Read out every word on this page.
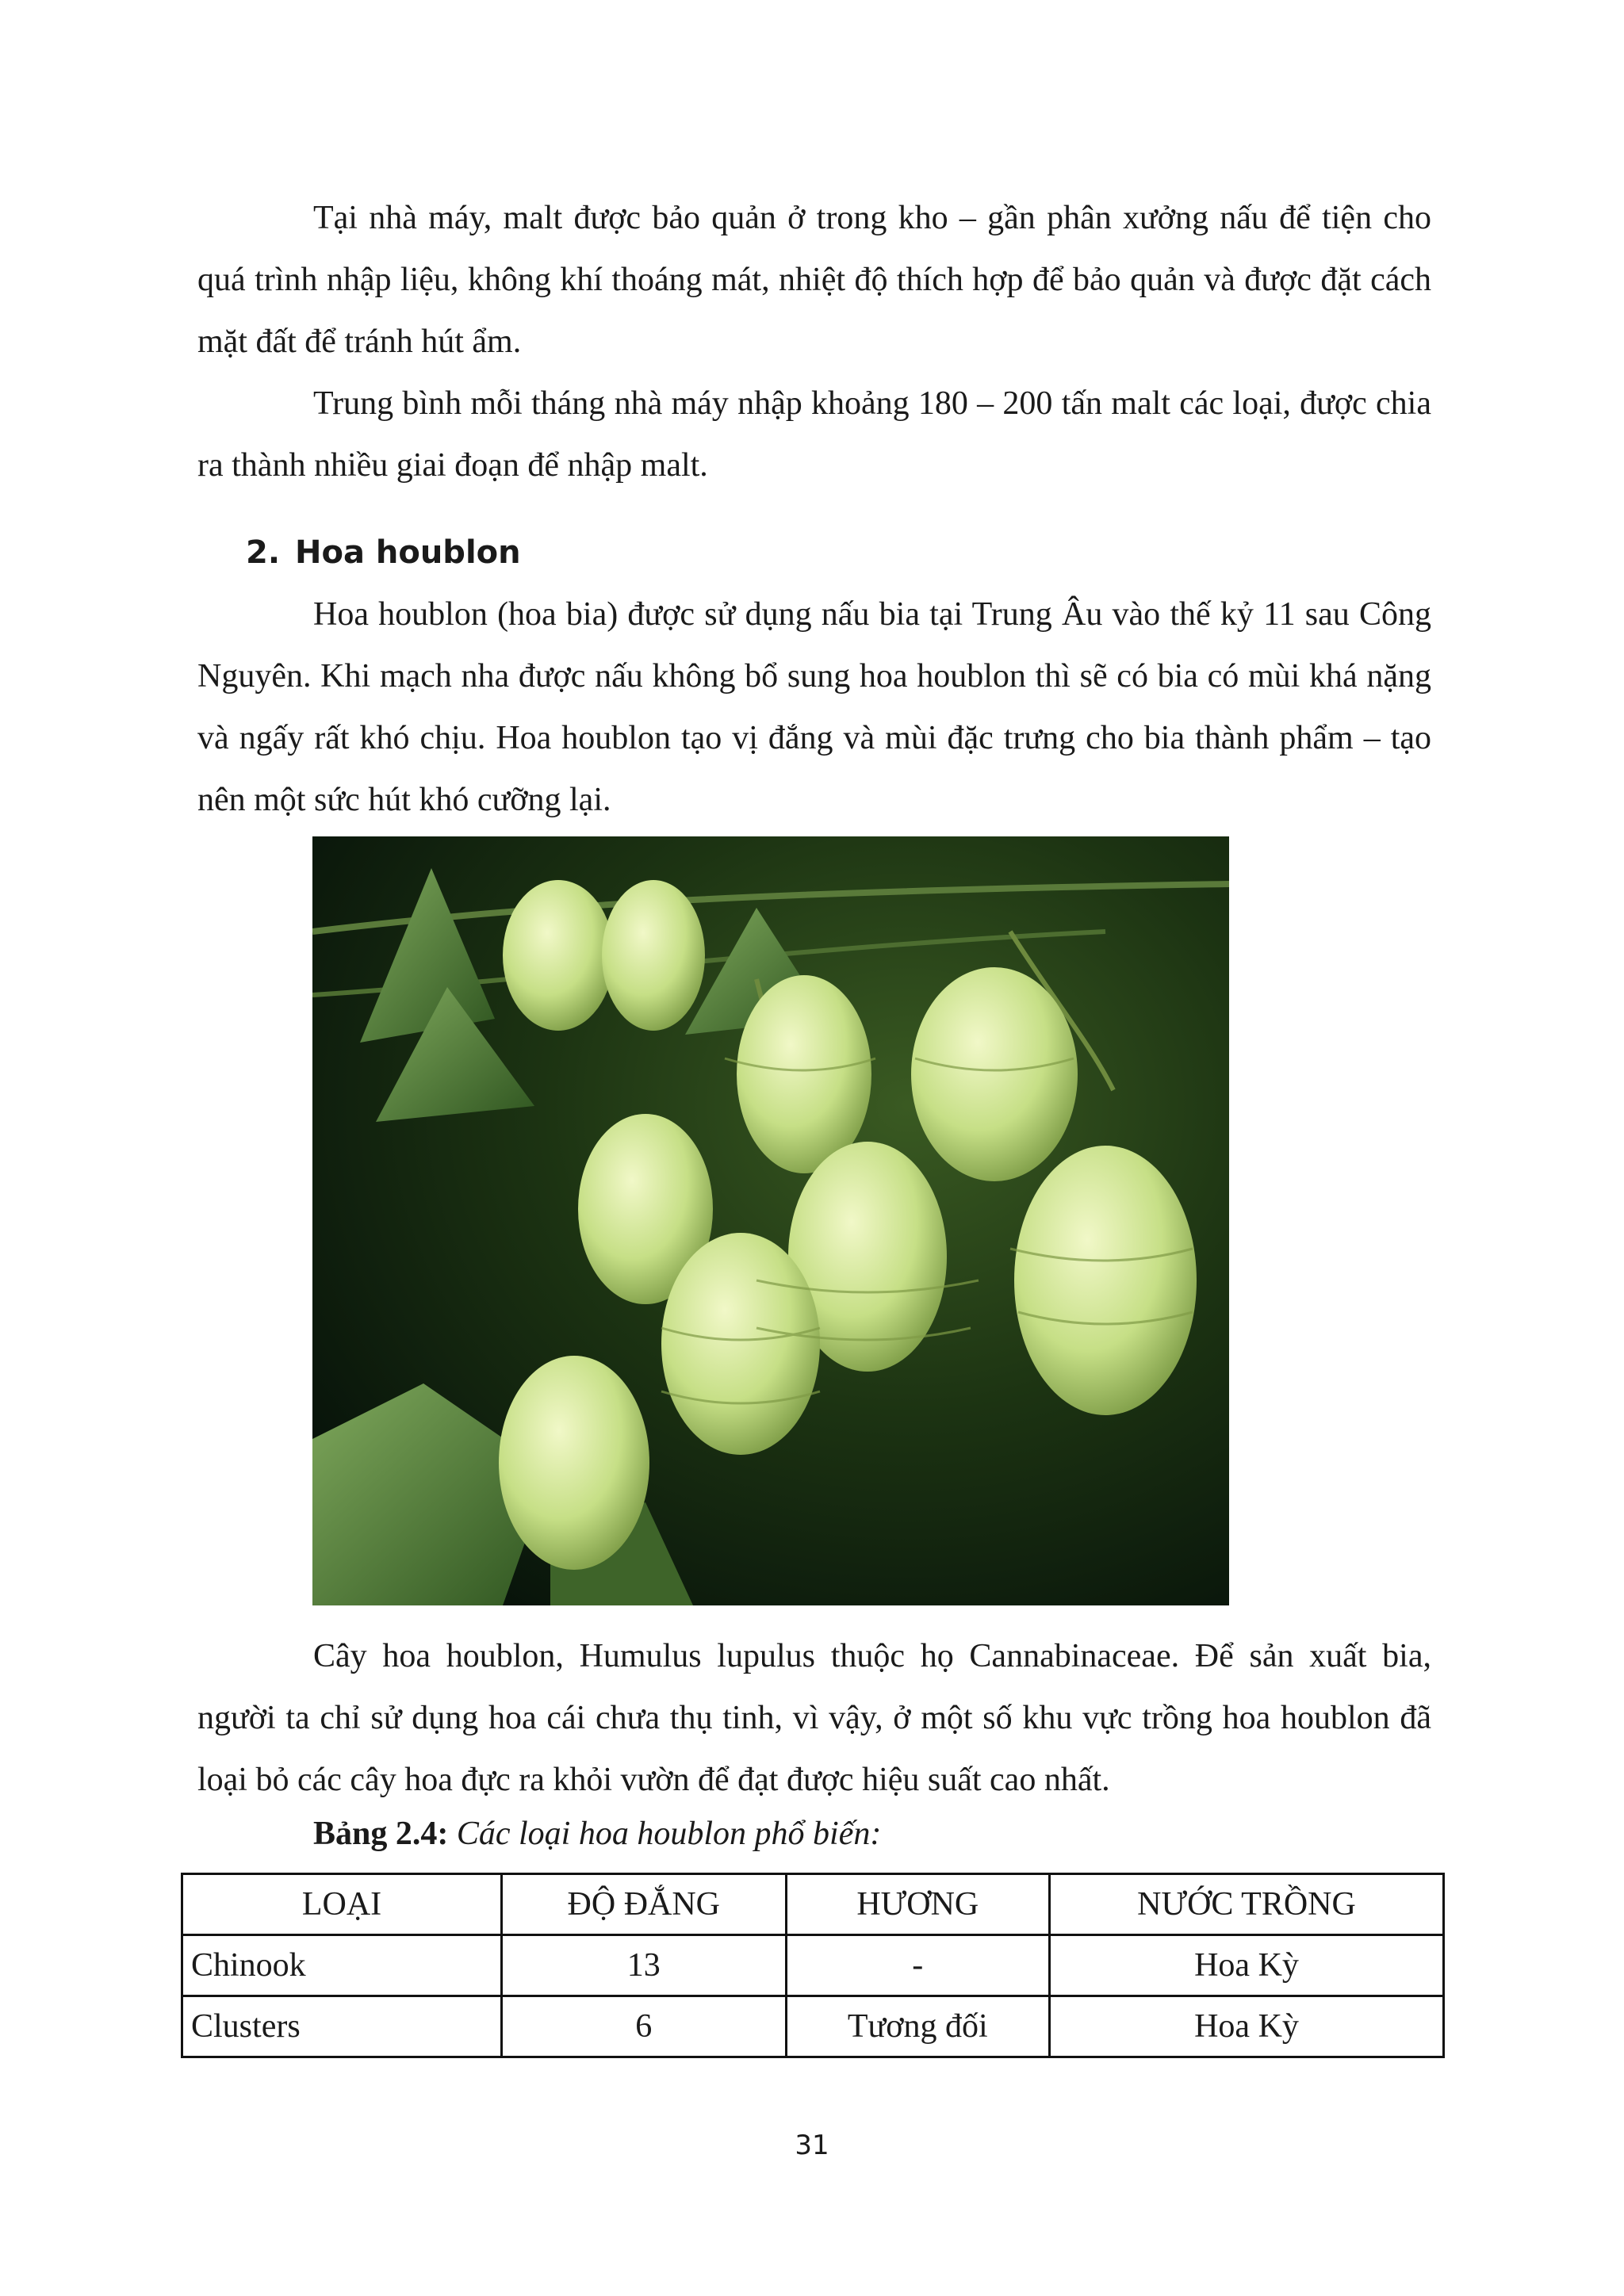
Tại nhà máy, malt được bảo quản ở trong kho – gần phân xưởng nấu để tiện cho quá trình nhập liệu, không khí thoáng mát, nhiệt độ thích hợp để bảo quản và được đặt cách mặt đất để tránh hút ẩm.

Trung bình mỗi tháng nhà máy nhập khoảng 180 – 200 tấn malt các loại, được chia ra thành nhiều giai đoạn để nhập malt.

2. Hoa houblon

Hoa houblon (hoa bia) được sử dụng nấu bia tại Trung Âu vào thế kỷ 11 sau Công Nguyên. Khi mạch nha được nấu không bổ sung hoa houblon thì sẽ có bia có mùi khá nặng và ngấy rất khó chịu. Hoa houblon tạo vị đắng và mùi đặc trưng cho bia thành phẩm – tạo nên một sức hút khó cưỡng lại.

Cây hoa houblon, Humulus lupulus thuộc họ Cannabinaceae. Để sản xuất bia, người ta chỉ sử dụng hoa cái chưa thụ tinh, vì vậy, ở một số khu vực trồng hoa houblon đã loại bỏ các cây hoa đực ra khỏi vườn để đạt được hiệu suất cao nhất.

Bảng 2.4: Các loại hoa houblon phổ biến:

LOẠI	ĐỘ ĐẮNG	HƯƠNG	NƯỚC TRỒNG
Chinook	13	-	Hoa Kỳ
Clusters	6	Tương đối	Hoa Kỳ
31
